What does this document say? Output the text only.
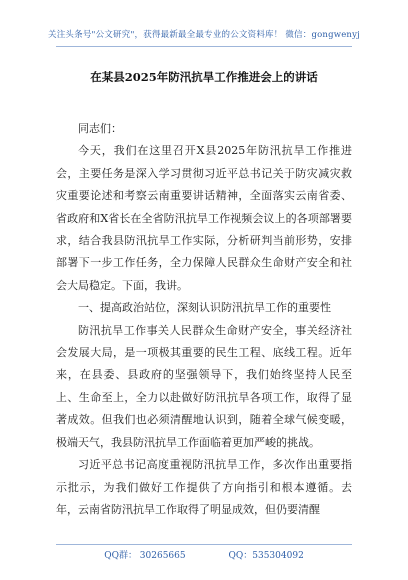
关注头条号"公文研究"，获得最新最全最专业的公文资料库！ 微信：gongwenyj
在某县2025年防汛抗旱工作推进会上的讲话

同志们：

今天，我们在这里召开X县2025年防汛抗旱工作推进会，主要任务是深入学习贯彻习近平总书记关于防灾减灾救灾重要论述和考察云南重要讲话精神，全面落实云南省委、省政府和X省长在全省防汛抗旱工作视频会议上的各项部署要求，结合我县防汛抗旱工作实际，分析研判当前形势，安排部署下一步工作任务，全力保障人民群众生命财产安全和社会大局稳定。下面，我讲。

一、提高政治站位，深刻认识防汛抗旱工作的重要性

防汛抗旱工作事关人民群众生命财产安全，事关经济社会发展大局，是一项极其重要的民生工程、底线工程。近年来，在县委、县政府的坚强领导下，我们始终坚持人民至上、生命至上，全力以赴做好防汛抗旱各项工作，取得了显著成效。但我们也必须清醒地认识到，随着全球气候变暖，极端天气，我县防汛抗旱工作面临着更加严峻的挑战。

习近平总书记高度重视防汛抗旱工作，多次作出重要指示批示，为我们做好工作提供了方向指引和根本遵循。去年，云南省防汛抗旱工作取得了明显成效，但仍要清醒

QQ群： 30265665	QQ：535304092
